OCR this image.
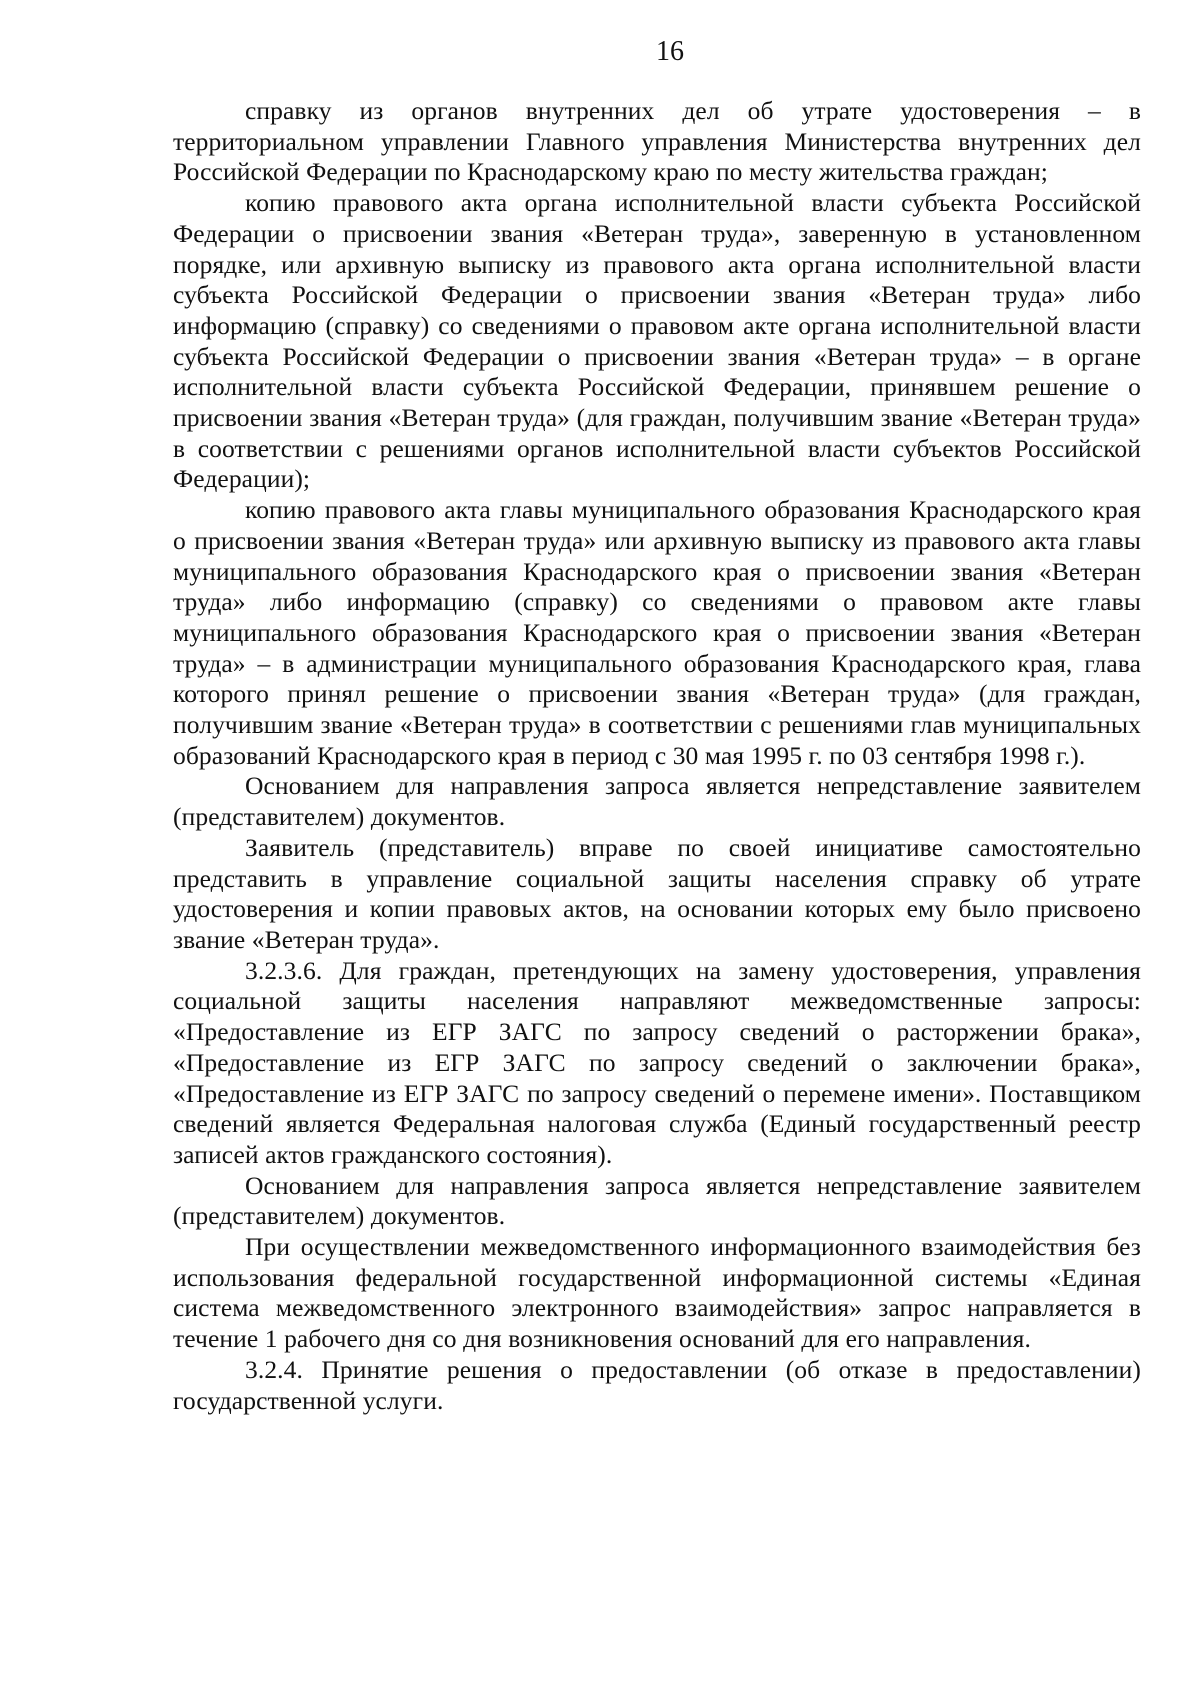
16

справку из органов внутренних дел об утрате удостоверения – в территориальном управлении Главного управления Министерства внутренних дел Российской Федерации по Краснодарскому краю по месту жительства граждан;

копию правового акта органа исполнительной власти субъекта Российской Федерации о присвоении звания «Ветеран труда», заверенную в установленном порядке, или архивную выписку из правового акта органа исполнительной власти субъекта Российской Федерации о присвоении звания «Ветеран труда» либо информацию (справку) со сведениями о правовом акте органа исполнительной власти субъекта Российской Федерации о присвоении звания «Ветеран труда» – в органе исполнительной власти субъекта Российской Федерации, принявшем решение о присвоении звания «Ветеран труда» (для граждан, получившим звание «Ветеран труда» в соответствии с решениями органов исполнительной власти субъектов Российской Федерации);

копию правового акта главы муниципального образования Краснодарского края о присвоении звания «Ветеран труда» или архивную выписку из правового акта главы муниципального образования Краснодарского края о присвоении звания «Ветеран труда» либо информацию (справку) со сведениями о правовом акте главы муниципального образования Краснодарского края о присвоении звания «Ветеран труда» – в администрации муниципального образования Краснодарского края, глава которого принял решение о присвоении звания «Ветеран труда» (для граждан, получившим звание «Ветеран труда» в соответствии с решениями глав муниципальных образований Краснодарского края в период с 30 мая 1995 г. по 03 сентября 1998 г.).

Основанием для направления запроса является непредставление заявителем (представителем) документов.

Заявитель (представитель) вправе по своей инициативе самостоятельно представить в управление социальной защиты населения справку об утрате удостоверения и копии правовых актов, на основании которых ему было присвоено звание «Ветеран труда».

3.2.3.6. Для граждан, претендующих на замену удостоверения, управления социальной защиты населения направляют межведомственные запросы: «Предоставление из ЕГР ЗАГС по запросу сведений о расторжении брака», «Предоставление из ЕГР ЗАГС по запросу сведений о заключении брака», «Предоставление из ЕГР ЗАГС по запросу сведений о перемене имени». Поставщиком сведений является Федеральная налоговая служба (Единый государственный реестр записей актов гражданского состояния).

Основанием для направления запроса является непредставление заявителем (представителем) документов.

При осуществлении межведомственного информационного взаимодействия без использования федеральной государственной информационной системы «Единая система межведомственного электронного взаимодействия» запрос направляется в течение 1 рабочего дня со дня возникновения оснований для его направления.

3.2.4. Принятие решения о предоставлении (об отказе в предоставлении) государственной услуги.
